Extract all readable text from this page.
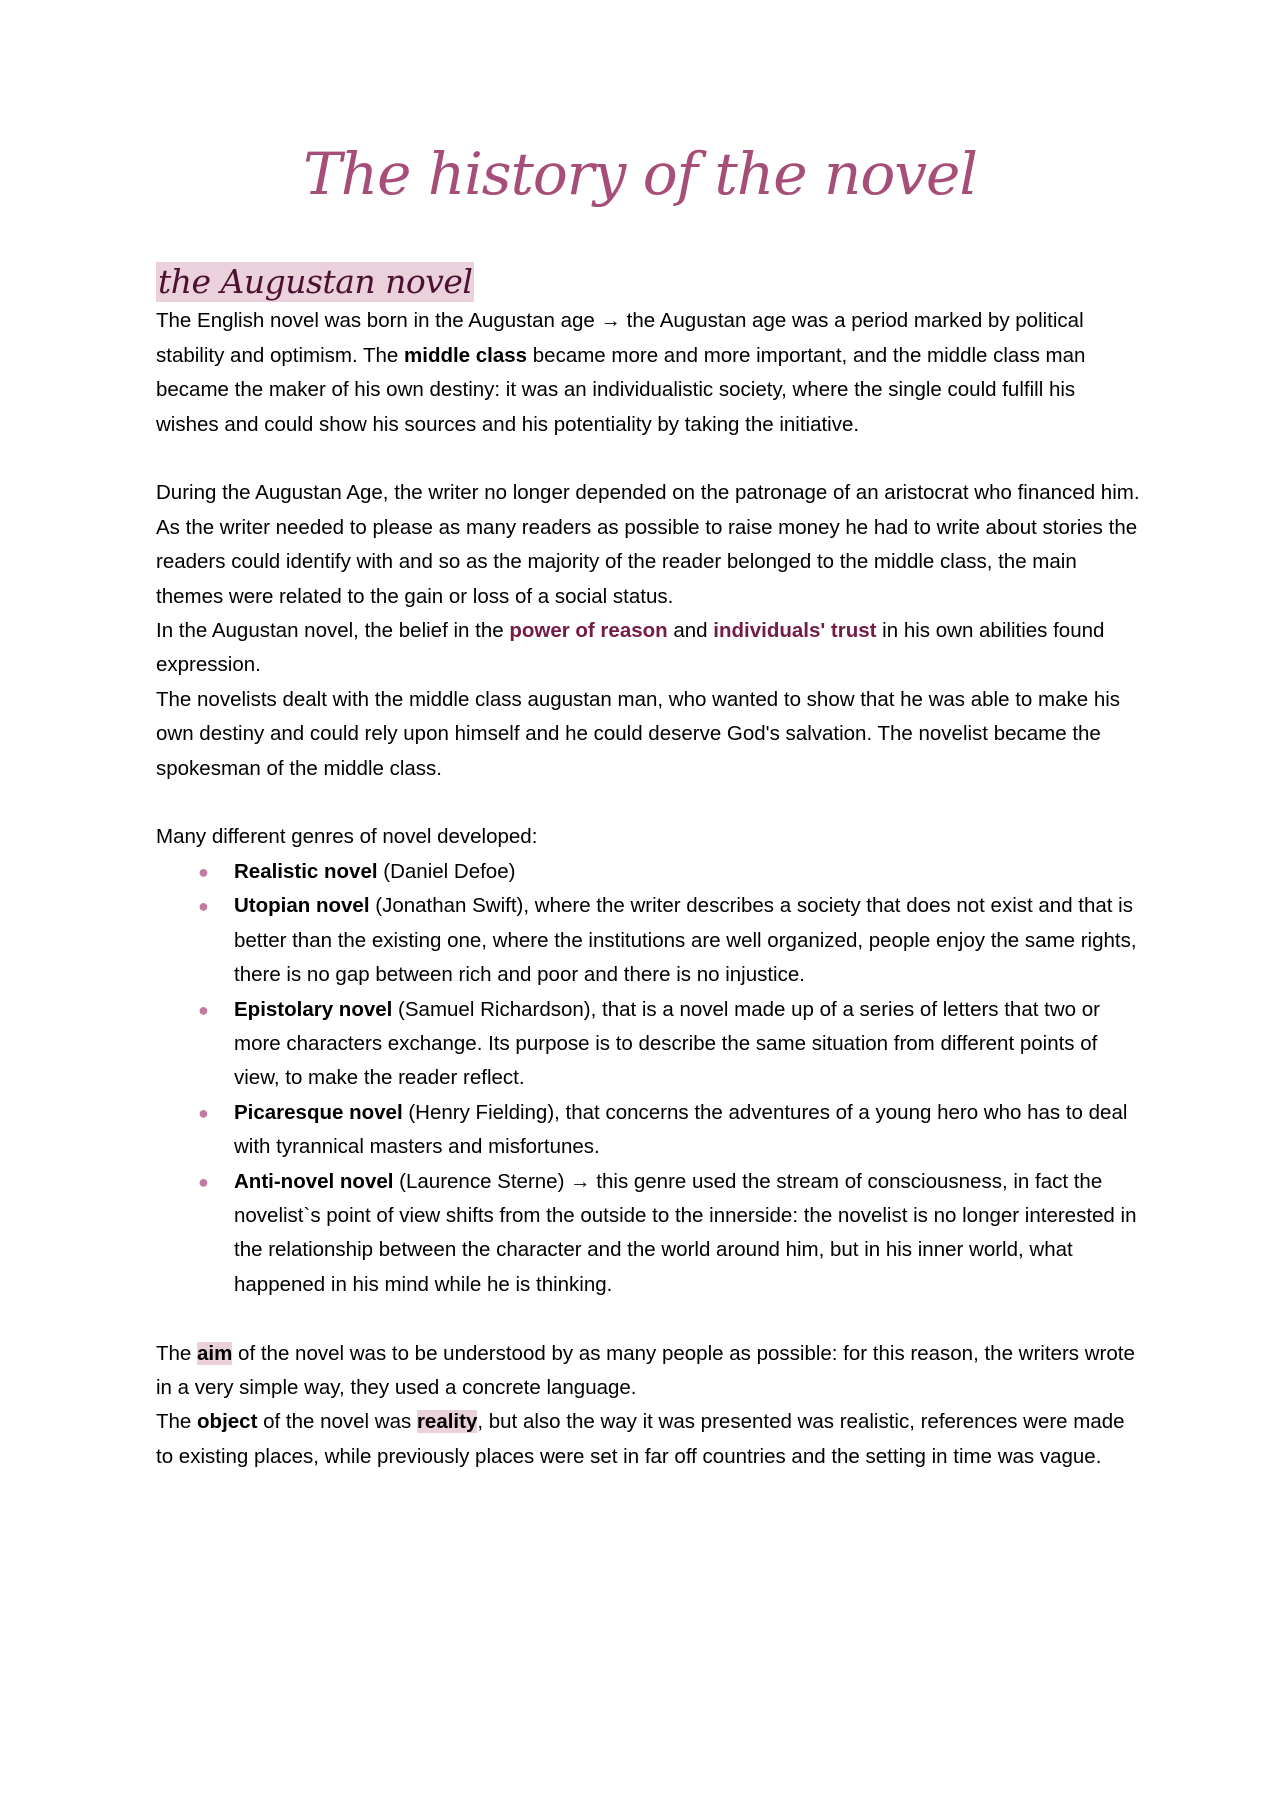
The history of the novel
the Augustan novel

The English novel was born in the Augustan age → the Augustan age was a period marked by political stability and optimism. The middle class became more and more important, and the middle class man became the maker of his own destiny: it was an individualistic society, where the single could fulfill his wishes and could show his sources and his potentiality by taking the initiative.

During the Augustan Age, the writer no longer depended on the patronage of an aristocrat who financed him. As the writer needed to please as many readers as possible to raise money he had to write about stories the readers could identify with and so as the majority of the reader belonged to the middle class, the main themes were related to the gain or loss of a social status.

In the Augustan novel, the belief in the power of reason and individuals' trust in his own abilities found expression.

The novelists dealt with the middle class augustan man, who wanted to show that he was able to make his own destiny and could rely upon himself and he could deserve God's salvation. The novelist became the spokesman of the middle class.

Many different genres of novel developed:

● Realistic novel (Daniel Defoe)
● Utopian novel (Jonathan Swift), where the writer describes a society that does not exist and that is better than the existing one, where the institutions are well organized, people enjoy the same rights, there is no gap between rich and poor and there is no injustice.
● Epistolary novel (Samuel Richardson), that is a novel made up of a series of letters that two or more characters exchange. Its purpose is to describe the same situation from different points of view, to make the reader reflect.
● Picaresque novel (Henry Fielding), that concerns the adventures of a young hero who has to deal with tyrannical masters and misfortunes.
● Anti-novel novel (Laurence Sterne) → this genre used the stream of consciousness, in fact the novelist`s point of view shifts from the outside to the innerside: the novelist is no longer interested in the relationship between the character and the world around him, but in his inner world, what happened in his mind while he is thinking.

The aim of the novel was to be understood by as many people as possible: for this reason, the writers wrote in a very simple way, they used a concrete language.

The object of the novel was reality, but also the way it was presented was realistic, references were made to existing places, while previously places were set in far off countries and the setting in time was vague.
